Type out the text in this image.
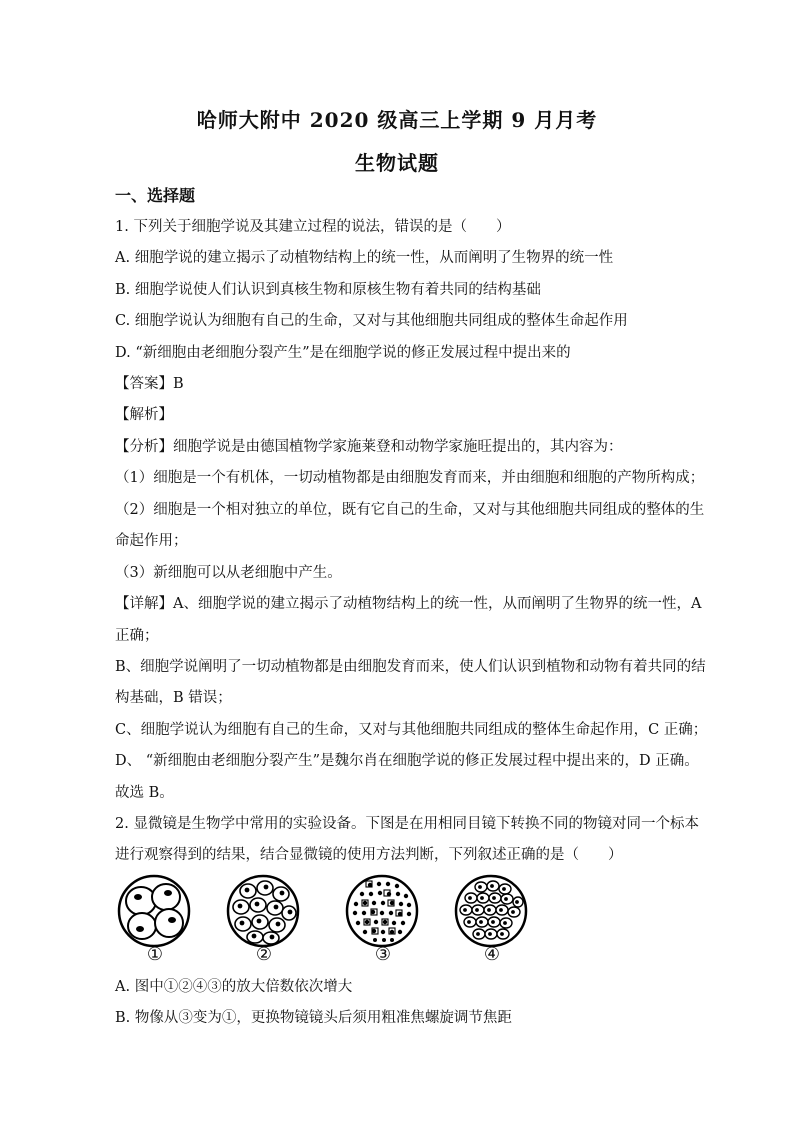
哈师大附中 2020 级高三上学期 9 月月考
生物试题
一、选择题
1. 下列关于细胞学说及其建立过程的说法，错误的是（　　）
A. 细胞学说的建立揭示了动植物结构上的统一性，从而阐明了生物界的统一性
B. 细胞学说使人们认识到真核生物和原核生物有着共同的结构基础
C. 细胞学说认为细胞有自己的生命，又对与其他细胞共同组成的整体生命起作用
D. “新细胞由老细胞分裂产生”是在细胞学说的修正发展过程中提出来的
【答案】B
【解析】
【分析】细胞学说是由德国植物学家施莱登和动物学家施旺提出的，其内容为：
（1）细胞是一个有机体，一切动植物都是由细胞发育而来，并由细胞和细胞的产物所构成；
（2）细胞是一个相对独立的单位，既有它自己的生命，又对与其他细胞共同组成的整体的生
命起作用；
（3）新细胞可以从老细胞中产生。
【详解】A、细胞学说的建立揭示了动植物结构上的统一性，从而阐明了生物界的统一性，A
正确；
B、细胞学说阐明了一切动植物都是由细胞发育而来，使人们认识到植物和动物有着共同的结
构基础，B 错误；
C、细胞学说认为细胞有自己的生命，又对与其他细胞共同组成的整体生命起作用，C 正确；
D、 “新细胞由老细胞分裂产生”是魏尔肖在细胞学说的修正发展过程中提出来的，D 正确。
故选 B。
2. 显微镜是生物学中常用的实验设备。下图是在用相同目镜下转换不同的物镜对同一个标本
进行观察得到的结果，结合显微镜的使用方法判断，下列叙述正确的是（　　）
①	②	③	④
A. 图中①②④③的放大倍数依次增大
B. 物像从③变为①，更换物镜镜头后须用粗准焦螺旋调节焦距
